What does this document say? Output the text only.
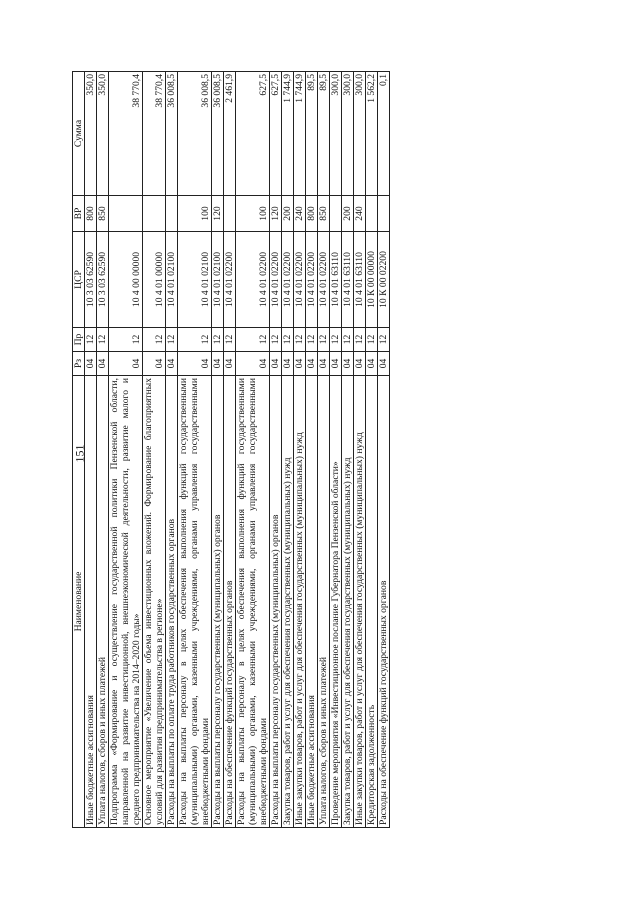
151
Наименование	Рз	Пр	ЦСР	ВР	Сумма
Иные бюджетные ассигнования	04	12	10 3 03 62590	800	350,0
Уплата налогов, сборов и иных платежей	04	12	10 3 03 62590	850	350,0
Подпрограмма «Формирование и осуществление государственной политики Пензенской области, направленной на развитие инвестиционной, внешнеэкономической деятельности, развитие малого и среднего предпринимательства на 2014–2020 годы»	04	12	10 4 00 00000		38 770,4
Основное мероприятие «Увеличение объема инвестиционных вложений. Формирование благоприятных условий для развития предпринимательства в регионе»	04	12	10 4 01 00000		38 770,4
Расходы на выплаты по оплате труда работников государственных органов	04	12	10 4 01 02100		36 008,5
Расходы на выплаты персоналу в целях обеспечения выполнения функций государственными (муниципальными) органами, казенными учреждениями, органами управления государственными внебюджетными фондами	04	12	10 4 01 02100	100	36 008,5
Расходы на выплаты персоналу государственных (муниципальных) органов	04	12	10 4 01 02100	120	36 008,5
Расходы на обеспечение функций государственных органов	04	12	10 4 01 02200		2 461,9
Расходы на выплаты персоналу в целях обеспечения выполнения функций государственными (муниципальными) органами, казенными учреждениями, органами управления государственными внебюджетными фондами	04	12	10 4 01 02200	100	627,5
Расходы на выплаты персоналу государственных (муниципальных) органов	04	12	10 4 01 02200	120	627,5
Закупка товаров, работ и услуг для обеспечения государственных (муниципальных) нужд	04	12	10 4 01 02200	200	1 744,9
Иные закупки товаров, работ и услуг для обеспечения государственных (муниципальных) нужд	04	12	10 4 01 02200	240	1 744,9
Иные бюджетные ассигнования	04	12	10 4 01 02200	800	89,5
Уплата налогов, сборов и иных платежей	04	12	10 4 01 02200	850	89,5
Проведение мероприятия «Инвестиционное послание Губернатора Пензенской области»	04	12	10 4 01 63110		300,0
Закупка товаров, работ и услуг для обеспечения государственных (муниципальных) нужд	04	12	10 4 01 63110	200	300,0
Иные закупки товаров, работ и услуг для обеспечения государственных (муниципальных) нужд	04	12	10 4 01 63110	240	300,0
Кредиторская задолженность	04	12	10 К 00 00000		1 562,2
Расходы на обеспечение функций государственных органов	04	12	10 К 00 02200		0,1
